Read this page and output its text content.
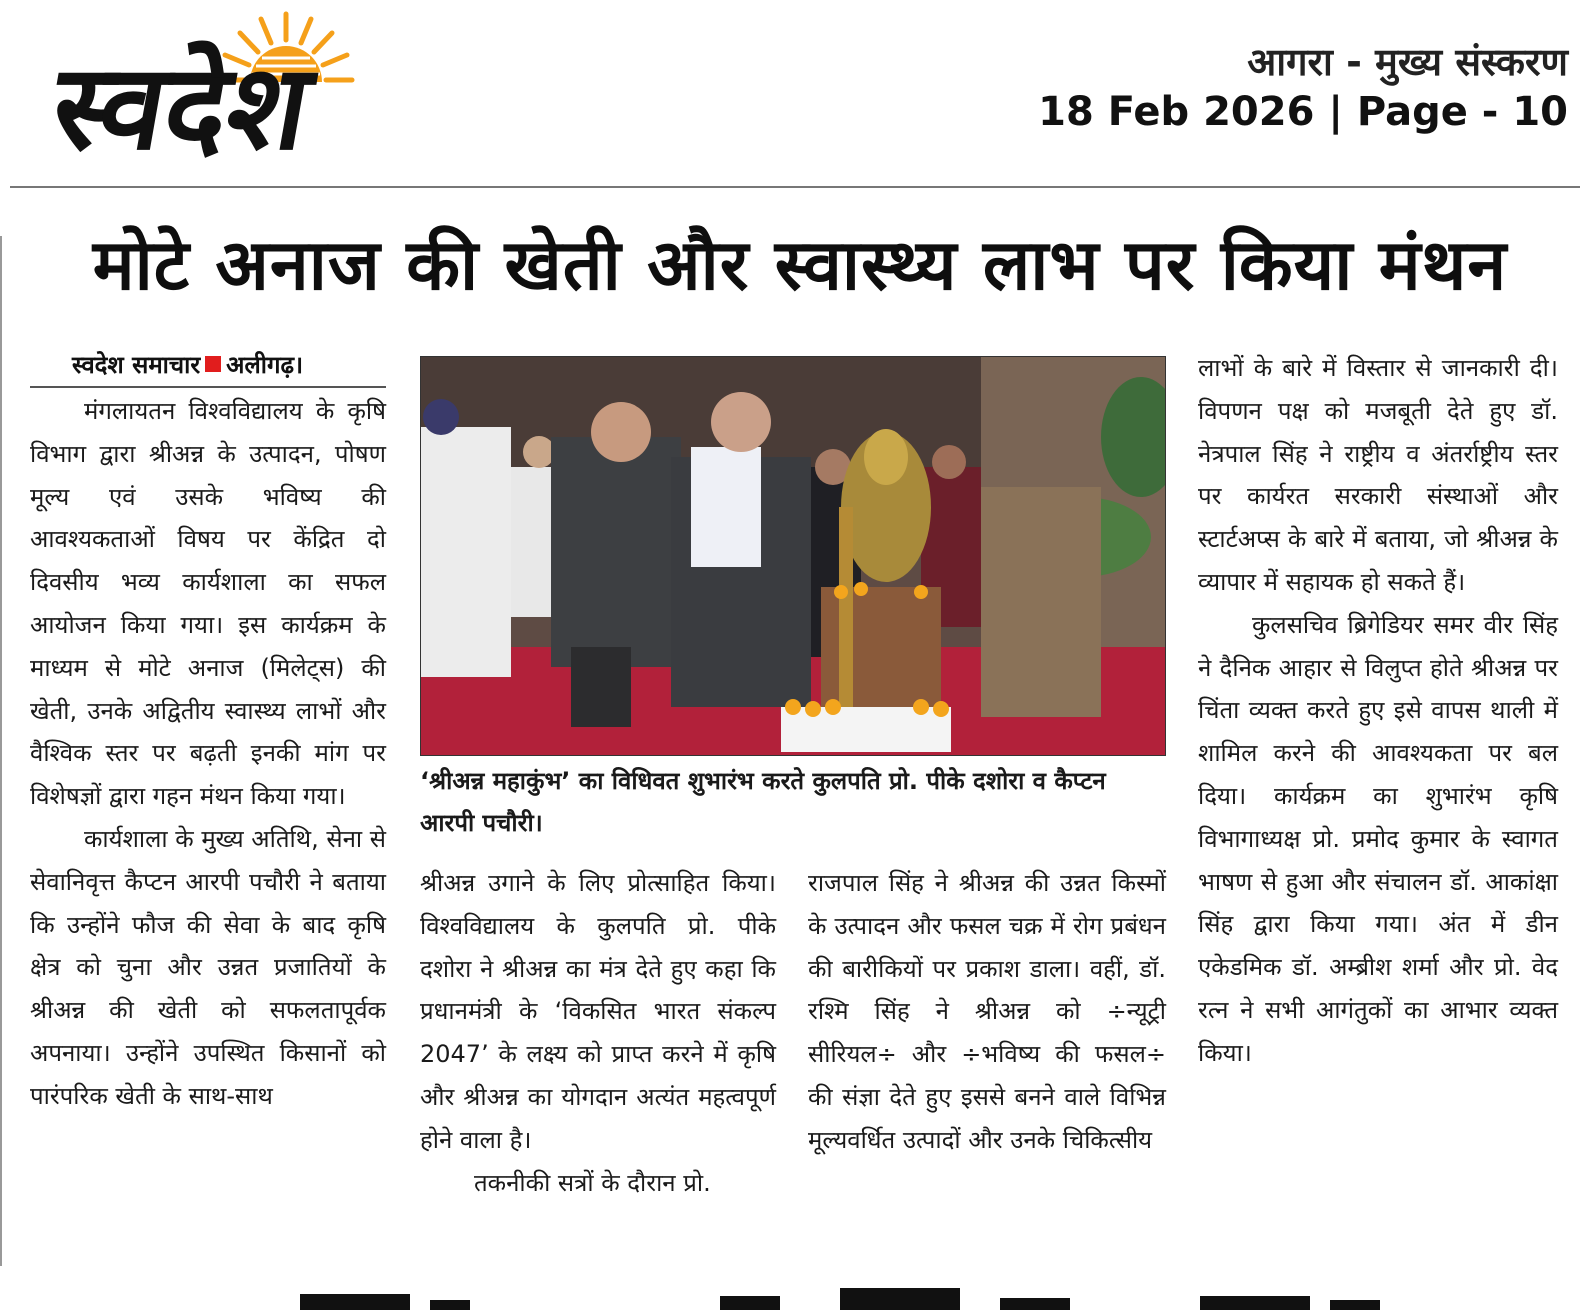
स्वदेश	आगरा - मुख्य संस्करण
18 Feb 2026 | Page - 10
मोटे अनाज की खेती और स्वास्थ्य लाभ पर किया मंथन
स्वदेश समाचार अलीगढ़।

मंगलायतन विश्वविद्यालय के कृषि विभाग द्वारा श्रीअन्न के उत्पादन, पोषण मूल्य एवं उसके भविष्य की आवश्यकताओं विषय पर केंद्रित दो दिवसीय भव्य कार्यशाला का सफल आयोजन किया गया। इस कार्यक्रम के माध्यम से मोटे अनाज (मिलेट्स) की खेती, उनके अद्वितीय स्वास्थ्य लाभों और वैश्विक स्तर पर बढ़ती इनकी मांग पर विशेषज्ञों द्वारा गहन मंथन किया गया।

कार्यशाला के मुख्य अतिथि, सेना से सेवानिवृत्त कैप्टन आरपी पचौरी ने बताया कि उन्होंने फौज की सेवा के बाद कृषि क्षेत्र को चुना और उन्नत प्रजातियों के श्रीअन्न की खेती को सफलतापूर्वक अपनाया। उन्होंने उपस्थित किसानों को पारंपरिक खेती के साथ-साथ

‘श्रीअन्न महाकुंभ’ का विधिवत शुभारंभ करते कुलपति प्रो. पीके दशोरा व कैप्टन आरपी पचौरी।

श्रीअन्न उगाने के लिए प्रोत्साहित किया। विश्वविद्यालय के कुलपति प्रो. पीके दशोरा ने श्रीअन्न का मंत्र देते हुए कहा कि प्रधानमंत्री के ‘विकसित भारत संकल्प 2047’ के लक्ष्य को प्राप्त करने में कृषि और श्रीअन्न का योगदान अत्यंत महत्वपूर्ण होने वाला है।

तकनीकी सत्रों के दौरान प्रो.

राजपाल सिंह ने श्रीअन्न की उन्नत किस्मों के उत्पादन और फसल चक्र में रोग प्रबंधन की बारीकियों पर प्रकाश डाला। वहीं, डॉ. रश्मि सिंह ने श्रीअन्न को ÷न्यूट्री सीरियल÷ और ÷भविष्य की फसल÷ की संज्ञा देते हुए इससे बनने वाले विभिन्न मूल्यवर्धित उत्पादों और उनके चिकित्सीय

लाभों के बारे में विस्तार से जानकारी दी। विपणन पक्ष को मजबूती देते हुए डॉ. नेत्रपाल सिंह ने राष्ट्रीय व अंतर्राष्ट्रीय स्तर पर कार्यरत सरकारी संस्थाओं और स्टार्टअप्स के बारे में बताया, जो श्रीअन्न के व्यापार में सहायक हो सकते हैं।

कुलसचिव ब्रिगेडियर समर वीर सिंह ने दैनिक आहार से विलुप्त होते श्रीअन्न पर चिंता व्यक्त करते हुए इसे वापस थाली में शामिल करने की आवश्यकता पर बल दिया। कार्यक्रम का शुभारंभ कृषि विभागाध्यक्ष प्रो. प्रमोद कुमार के स्वागत भाषण से हुआ और संचालन डॉ. आकांक्षा सिंह द्वारा किया गया। अंत में डीन एकेडमिक डॉ. अम्ब्रीश शर्मा और प्रो. वेद रत्न ने सभी आगंतुकों का आभार व्यक्त किया।
